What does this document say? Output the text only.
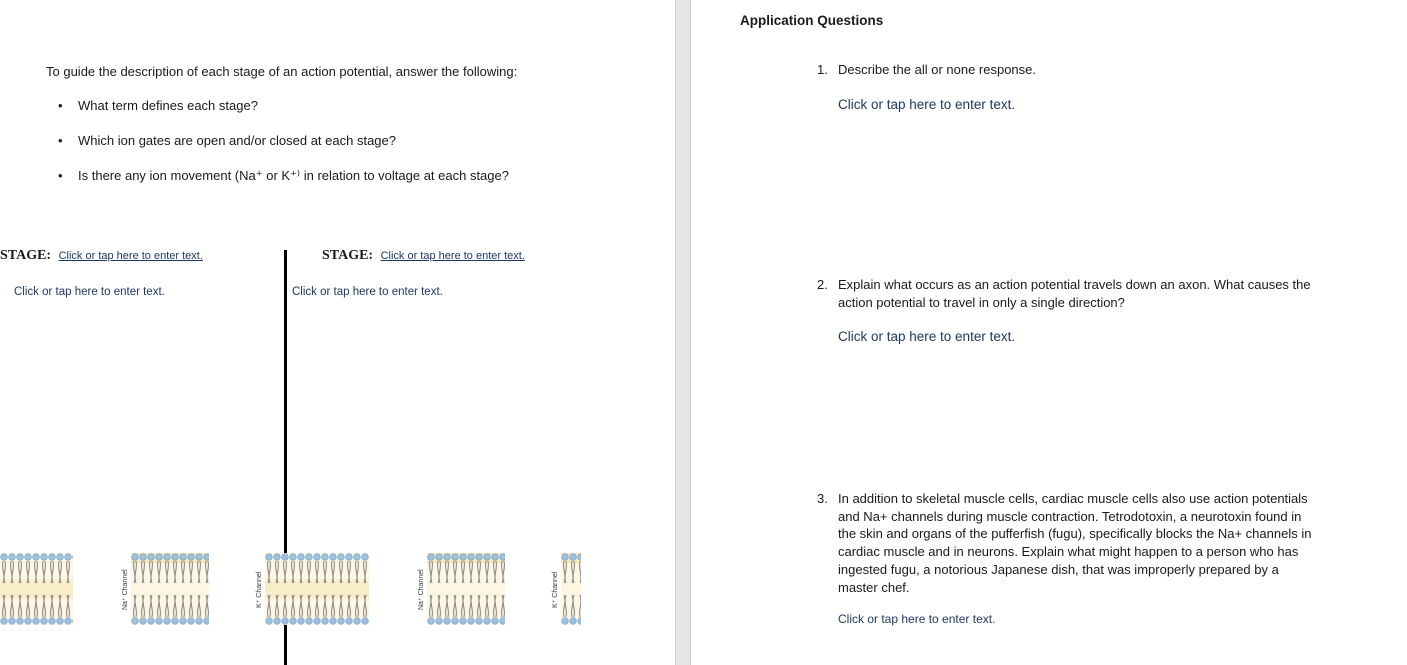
To guide the description of each stage of an action potential, answer the following:
• What term defines each stage?
• Which ion gates are open and/or closed at each stage?
• Is there any ion movement (Na⁺ or K⁺⁾ in relation to voltage at each stage?
STAGE: Click or tap here to enter text.	STAGE: Click or tap here to enter text.
Click or tap here to enter text.	Click or tap here to enter text.
Na⁺ Channel	K⁺ Channel	Na⁺ Channel	K⁺ Channel
Application Questions
1. Describe the all or none response.
Click or tap here to enter text.
2. Explain what occurs as an action potential travels down an axon. What causes the action potential to travel in only a single direction?
Click or tap here to enter text.
3. In addition to skeletal muscle cells, cardiac muscle cells also use action potentials and Na+ channels during muscle contraction. Tetrodotoxin, a neurotoxin found in the skin and organs of the pufferfish (fugu), specifically blocks the Na+ channels in cardiac muscle and in neurons. Explain what might happen to a person who has ingested fugu, a notorious Japanese dish, that was improperly prepared by a master chef.
Click or tap here to enter text.
